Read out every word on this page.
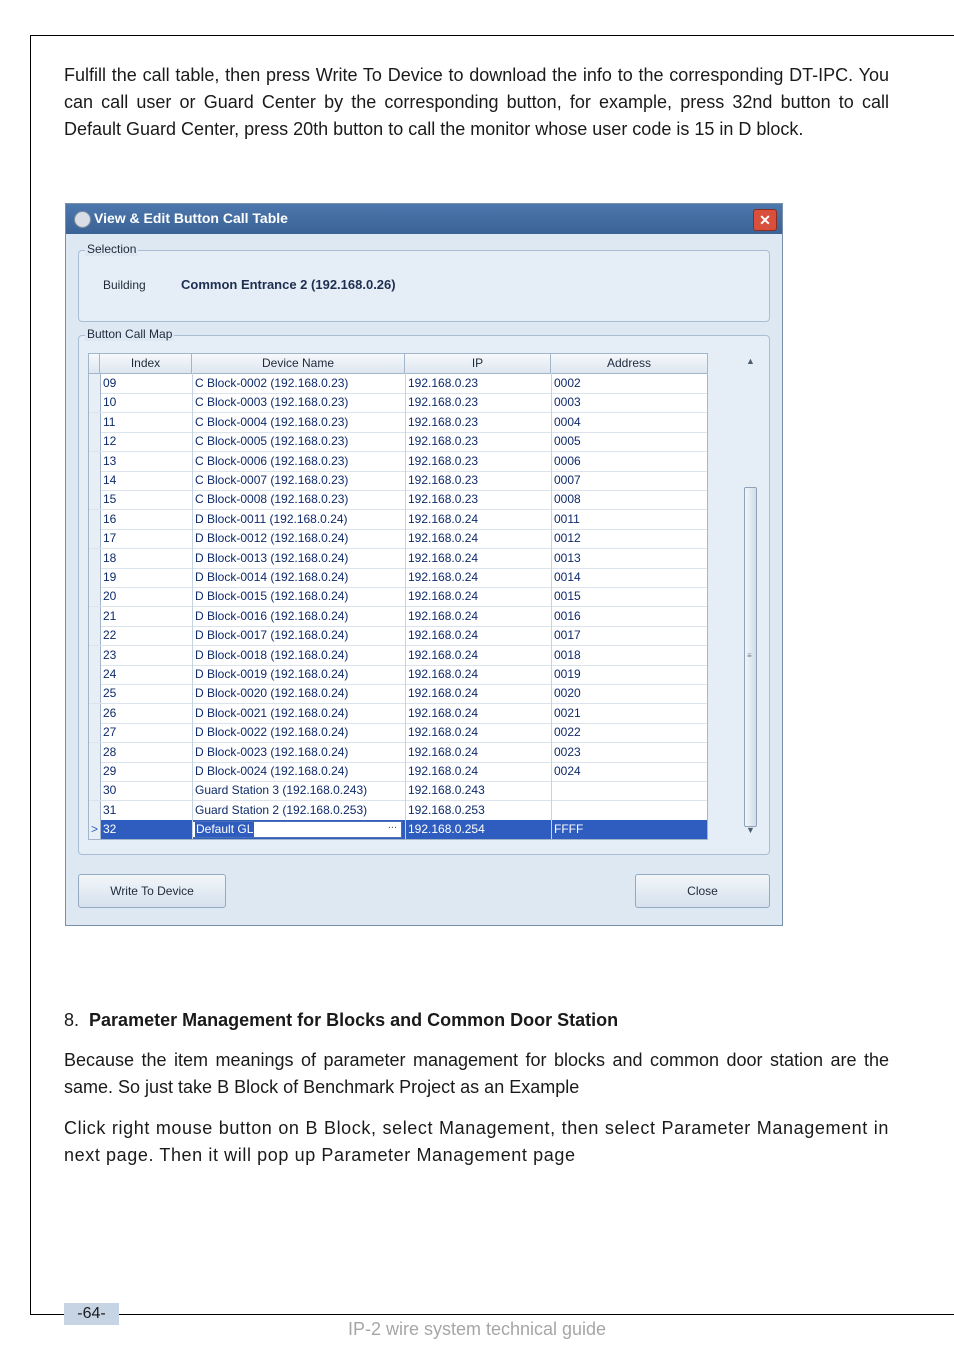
Fulfill the call table, then press Write To Device to download the info to the corresponding DT-IPC. You can call user or Guard Center by the corresponding button, for example, press 32nd button to call Default Guard Center, press 20th button to call the monitor whose user code is 15 in D block.

View & Edit Button Call Table	✕
Selection
Building	Common Entrance 2 (192.168.0.26)
Button Call Map
Index	Device Name	IP	Address
09	C Block-0002 (192.168.0.23)	192.168.0.23	0002
10	C Block-0003 (192.168.0.23)	192.168.0.23	0003
11	C Block-0004 (192.168.0.23)	192.168.0.23	0004
12	C Block-0005 (192.168.0.23)	192.168.0.23	0005
13	C Block-0006 (192.168.0.23)	192.168.0.23	0006
14	C Block-0007 (192.168.0.23)	192.168.0.23	0007
15	C Block-0008 (192.168.0.23)	192.168.0.23	0008
16	D Block-0011 (192.168.0.24)	192.168.0.24	0011
17	D Block-0012 (192.168.0.24)	192.168.0.24	0012
18	D Block-0013 (192.168.0.24)	192.168.0.24	0013
19	D Block-0014 (192.168.0.24)	192.168.0.24	0014
20	D Block-0015 (192.168.0.24)	192.168.0.24	0015
21	D Block-0016 (192.168.0.24)	192.168.0.24	0016
22	D Block-0017 (192.168.0.24)	192.168.0.24	0017
23	D Block-0018 (192.168.0.24)	192.168.0.24	0018
24	D Block-0019 (192.168.0.24)	192.168.0.24	0019
25	D Block-0020 (192.168.0.24)	192.168.0.24	0020
26	D Block-0021 (192.168.0.24)	192.168.0.24	0021
27	D Block-0022 (192.168.0.24)	192.168.0.24	0022
28	D Block-0023 (192.168.0.24)	192.168.0.24	0023
29	D Block-0024 (192.168.0.24)	192.168.0.24	0024
30	Guard Station 3 (192.168.0.243)	192.168.0.243
31	Guard Station 2 (192.168.0.253)	192.168.0.253
>
32	Default GL	... 192.168.0.254	FFFF
▲
≡
▼
Write To Device	Close

8. Parameter Management for Blocks and Common Door Station

Because the item meanings of parameter management for blocks and common door station are the same. So just take B Block of Benchmark Project as an Example

Click right mouse button on B Block, select Management, then select Parameter Management in next page. Then it will pop up Parameter Management page

-64-
IP-2 wire system technical guide
